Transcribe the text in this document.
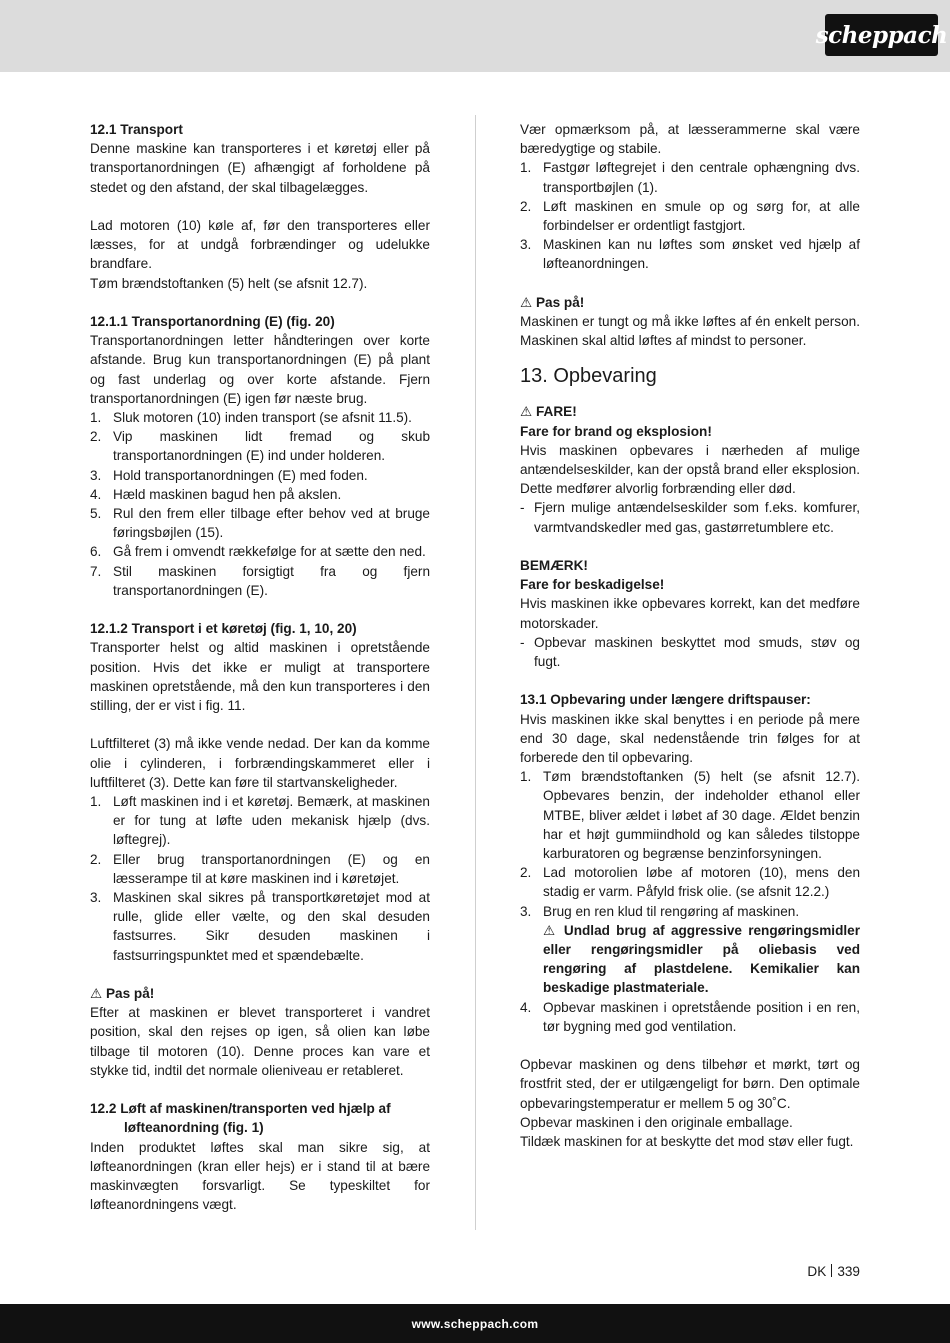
scheppach

12.1 Transport

Denne maskine kan transporteres i et køretøj eller på transportanordningen (E) afhængigt af forholdene på stedet og den afstand, der skal tilbagelægges.

Lad motoren (10) køle af, før den transporteres eller læsses, for at undgå forbrændinger og udelukke brandfare.

Tøm brændstoftanken (5) helt (se afsnit 12.7).

12.1.1 Transportanordning (E) (fig. 20)

Transportanordningen letter håndteringen over korte afstande. Brug kun transportanordningen (E) på plant og fast underlag og over korte afstande. Fjern transportanordningen (E) igen før næste brug.

1. Sluk motoren (10) inden transport (se afsnit 11.5).
2. Vip maskinen lidt fremad og skub transportanordningen (E) ind under holderen.
3. Hold transportanordningen (E) med foden.
4. Hæld maskinen bagud hen på akslen.
5. Rul den frem eller tilbage efter behov ved at bruge føringsbøjlen (15).
6. Gå frem i omvendt rækkefølge for at sætte den ned.
7. Stil maskinen forsigtigt fra og fjern transportanordningen (E).

12.1.2 Transport i et køretøj (fig. 1, 10, 20)

Transporter helst og altid maskinen i opretstående position. Hvis det ikke er muligt at transportere maskinen opretstående, må den kun transporteres i den stilling, der er vist i fig. 11.

Luftfilteret (3) må ikke vende nedad. Der kan da komme olie i cylinderen, i forbrændingskammeret eller i luftfilteret (3). Dette kan føre til startvanskeligheder.

1. Løft maskinen ind i et køretøj. Bemærk, at maskinen er for tung at løfte uden mekanisk hjælp (dvs. løftegrej).
2. Eller brug transportanordningen (E) og en læsserampe til at køre maskinen ind i køretøjet.
3. Maskinen skal sikres på transportkøretøjet mod at rulle, glide eller vælte, og den skal desuden fastsurres. Sikr desuden maskinen i fastsurringspunktet med et spændebælte.

⚠ Pas på!

Efter at maskinen er blevet transporteret i vandret position, skal den rejses op igen, så olien kan løbe tilbage til motoren (10). Denne proces kan vare et stykke tid, indtil det normale olieniveau er retableret.

12.2 Løft af maskinen/transporten ved hjælp af

løfteanordning (fig. 1)

Inden produktet løftes skal man sikre sig, at løfteanordningen (kran eller hejs) er i stand til at bære maskinvægten forsvarligt. Se typeskiltet for løfteanordningens vægt.

Vær opmærksom på, at læsserammerne skal være bæredygtige og stabile.

1. Fastgør løftegrejet i den centrale ophængning dvs. transportbøjlen (1).
2. Løft maskinen en smule op og sørg for, at alle forbindelser er ordentligt fastgjort.
3. Maskinen kan nu løftes som ønsket ved hjælp af løfteanordningen.

⚠ Pas på!

Maskinen er tungt og må ikke løftes af én enkelt person. Maskinen skal altid løftes af mindst to personer.

13. Opbevaring

⚠ FARE!

Fare for brand og eksplosion!

Hvis maskinen opbevares i nærheden af mulige antændelseskilder, kan der opstå brand eller eksplosion. Dette medfører alvorlig forbrænding eller død.

- Fjern mulige antændelseskilder som f.eks. komfurer, varmtvandskedler med gas, gastørretumblere etc.

BEMÆRK!

Fare for beskadigelse!

Hvis maskinen ikke opbevares korrekt, kan det medføre motorskader.

- Opbevar maskinen beskyttet mod smuds, støv og fugt.

13.1 Opbevaring under længere driftspauser:

Hvis maskinen ikke skal benyttes i en periode på mere end 30 dage, skal nedenstående trin følges for at forberede den til opbevaring.

1. Tøm brændstoftanken (5) helt (se afsnit 12.7). Opbevares benzin, der indeholder ethanol eller MTBE, bliver ældet i løbet af 30 dage. Ældet benzin har et højt gummiindhold og kan således tilstoppe karburatoren og begrænse benzinforsyningen.
2. Lad motorolien løbe af motoren (10), mens den stadig er varm. Påfyld frisk olie. (se afsnit 12.2.)
3. Brug en ren klud til rengøring af maskinen.
⚠ Undlad brug af aggressive rengøringsmidler eller rengøringsmidler på oliebasis ved rengøring af plastdelene. Kemikalier kan beskadige plastmateriale.
4. Opbevar maskinen i opretstående position i en ren, tør bygning med god ventilation.

Opbevar maskinen og dens tilbehør et mørkt, tørt og frostfrit sted, der er utilgængeligt for børn. Den optimale opbevaringstemperatur er mellem 5 og 30˚C.

Opbevar maskinen i den originale emballage.

Tildæk maskinen for at beskytte det mod støv eller fugt.

DK 339
www.scheppach.com
